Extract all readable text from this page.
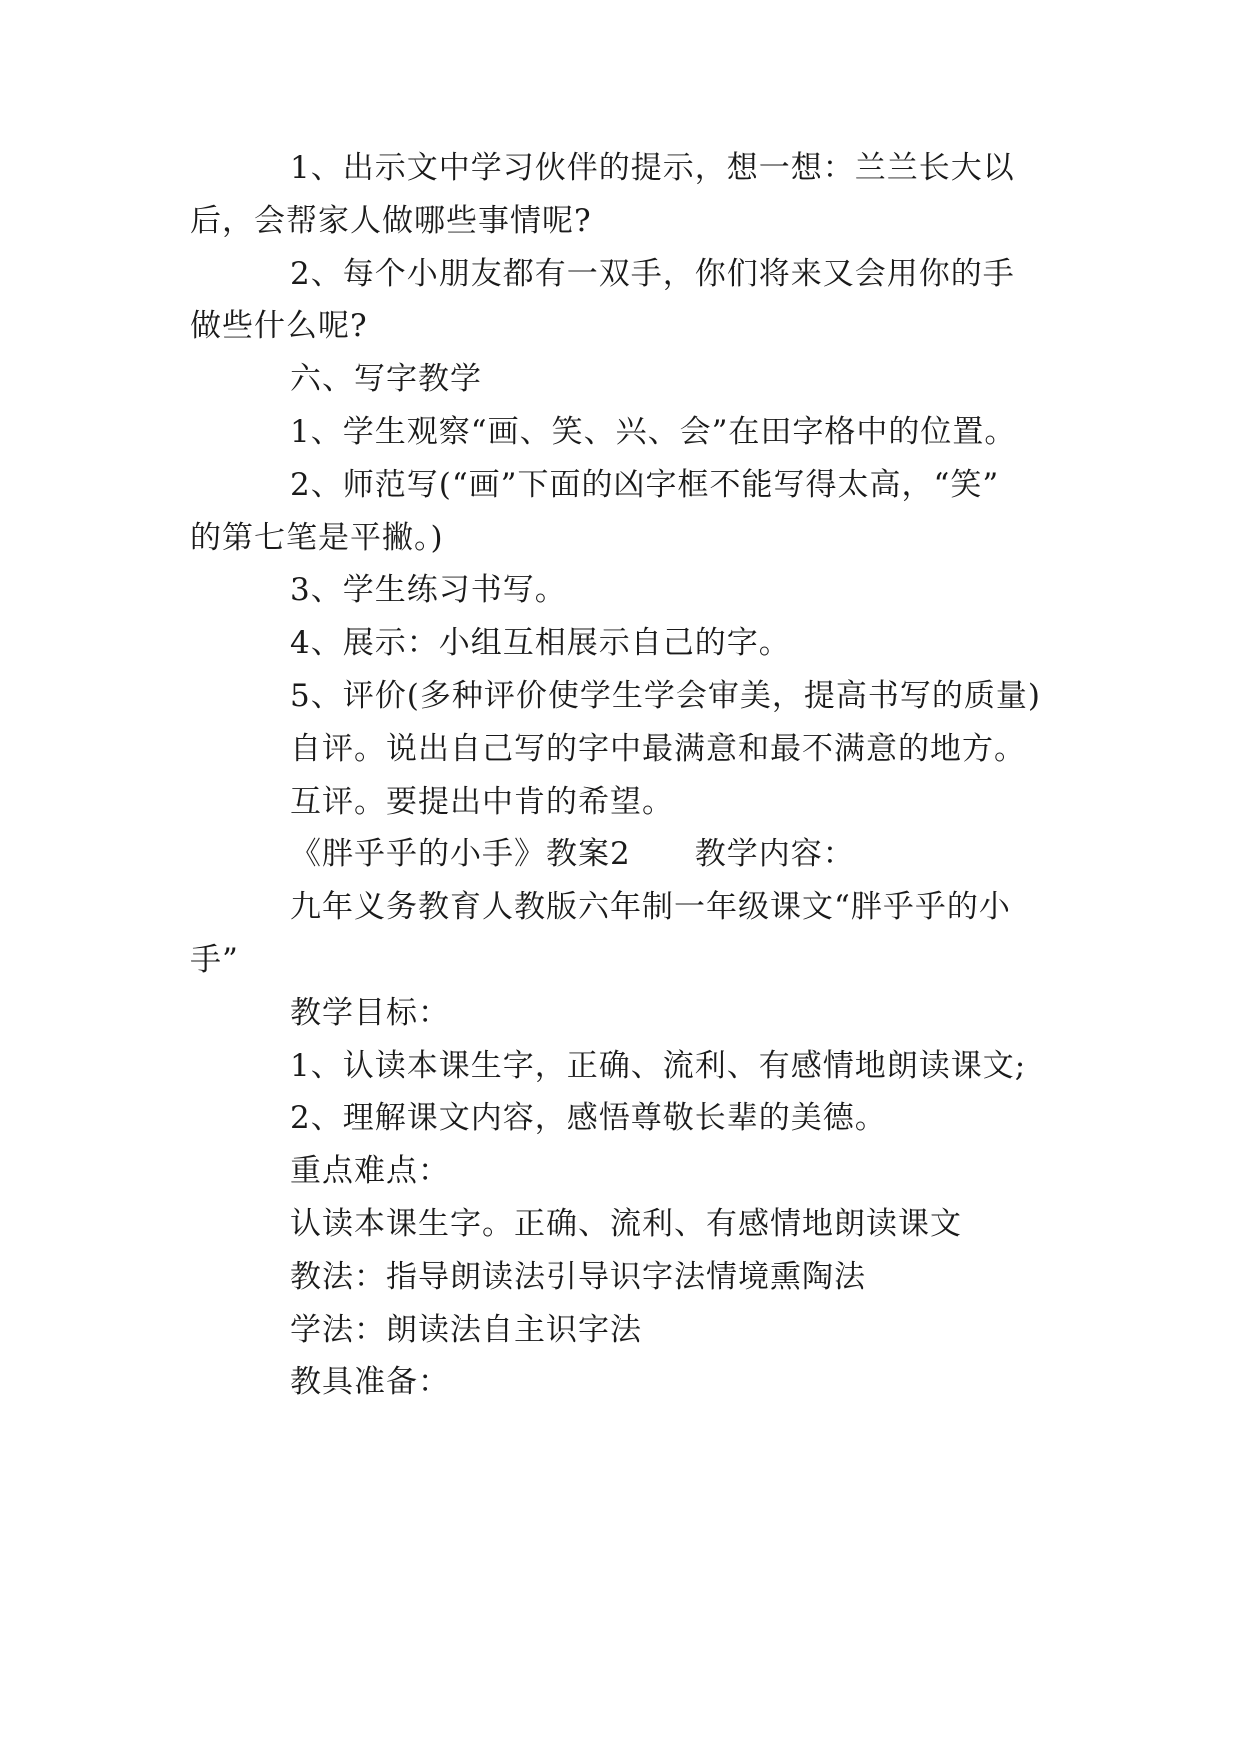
1、出示文中学习伙伴的提示，想一想：兰兰长大以
后，会帮家人做哪些事情呢?
2、每个小朋友都有一双手，你们将来又会用你的手
做些什么呢?
六、写字教学
1、学生观察“画、笑、兴、会”在田字格中的位置。
2、师范写(“画”下面的凶字框不能写得太高，“笑”
的第七笔是平撇。)
3、学生练习书写。
4、展示：小组互相展示自己的字。
5、评价(多种评价使学生学会审美，提高书写的质量)
自评。说出自己写的字中最满意和最不满意的地方。
互评。要提出中肯的希望。
《胖乎乎的小手》教案2　　教学内容：
九年义务教育人教版六年制一年级课文“胖乎乎的小
手”
教学目标：
1、认读本课生字，正确、流利、有感情地朗读课文;
2、理解课文内容，感悟尊敬长辈的美德。
重点难点：
认读本课生字。正确、流利、有感情地朗读课文
教法：指导朗读法引导识字法情境熏陶法
学法：朗读法自主识字法
教具准备：
